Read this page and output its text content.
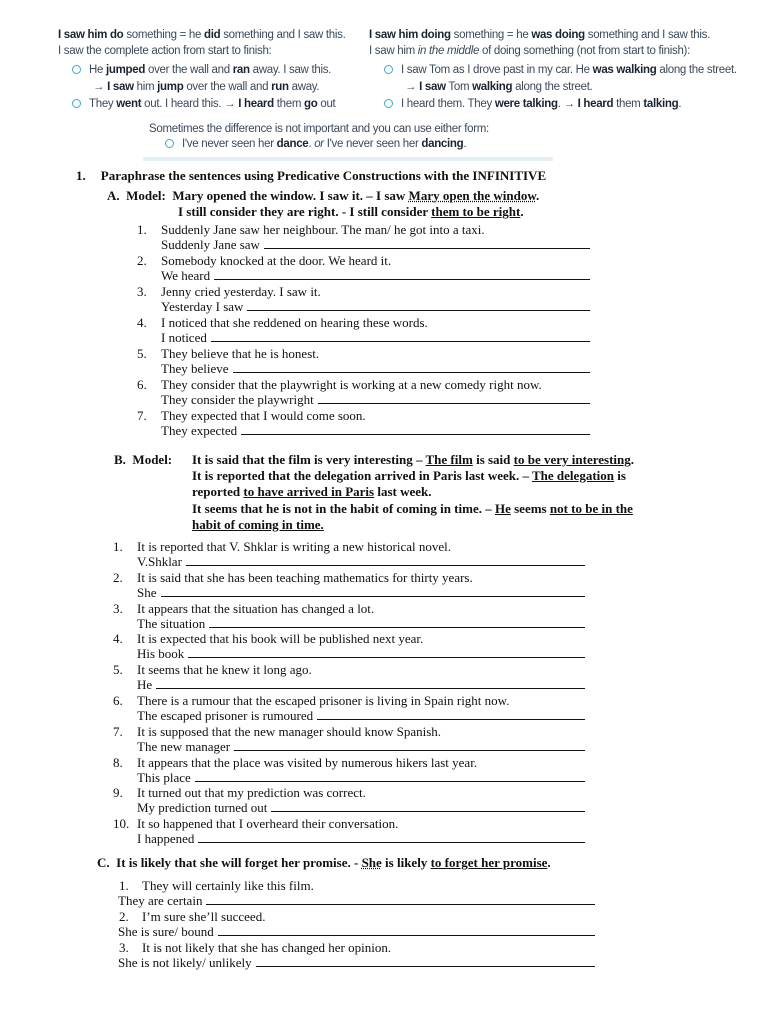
I saw him do something = he did something and I saw this.
I saw the complete action from start to finish:
He jumped over the wall and ran away. I saw this.
→ I saw him jump over the wall and run away.
They went out. I heard this. → I heard them go out
I saw him doing something = he was doing something and I saw this.
I saw him in the middle of doing something (not from start to finish):
I saw Tom as I drove past in my car. He was walking along the street.
→ I saw Tom walking along the street.
I heard them. They were talking. → I heard them talking.
Sometimes the difference is not important and you can use either form:
I've never seen her dance. or I've never seen her dancing.
1. Paraphrase the sentences using Predicative Constructions with the INFINITIVE
A. Model: Mary opened the window. I saw it. – I saw Mary open the window.
I still consider they are right. - I still consider them to be right.
1. Suddenly Jane saw her neighbour. The man/ he got into a taxi.
Suddenly Jane saw
2. Somebody knocked at the door. We heard it.
We heard
3. Jenny cried yesterday. I saw it.
Yesterday I saw
4. I noticed that she reddened on hearing these words.
I noticed
5. They believe that he is honest.
They believe
6. They consider that the playwright is working at a new comedy right now.
They consider the playwright
7. They expected that I would come soon.
They expected
B. Model: It is said that the film is very interesting – The film is said to be very interesting.
It is reported that the delegation arrived in Paris last week. – The delegation is
reported to have arrived in Paris last week.
It seems that he is not in the habit of coming in time. – He seems not to be in the
habit of coming in time.
1. It is reported that V. Shklar is writing a new historical novel.
V.Shklar
2. It is said that she has been teaching mathematics for thirty years.
She
3. It appears that the situation has changed a lot.
The situation
4. It is expected that his book will be published next year.
His book
5. It seems that he knew it long ago.
He
6. There is a rumour that the escaped prisoner is living in Spain right now.
The escaped prisoner is rumoured
7. It is supposed that the new manager should know Spanish.
The new manager
8. It appears that the place was visited by numerous hikers last year.
This place
9. It turned out that my prediction was correct.
My prediction turned out
10. It so happened that I overheard their conversation.
I happened
C. It is likely that she will forget her promise. - She is likely to forget her promise.
1. They will certainly like this film.
They are certain
2. I’m sure she’ll succeed.
She is sure/ bound
3. It is not likely that she has changed her opinion.
She is not likely/ unlikely
